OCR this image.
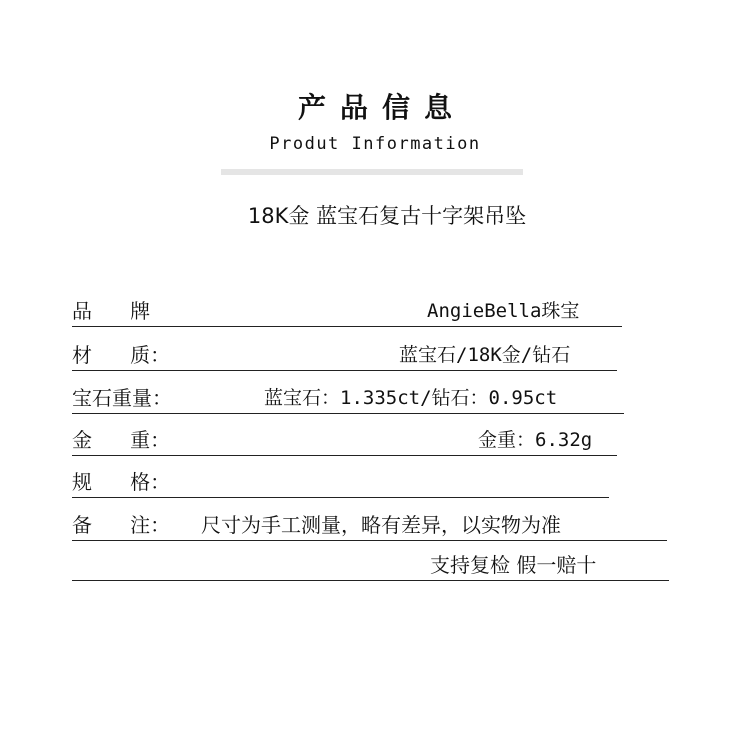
产品信息
Produt Information
18K金 蓝宝石复古十字架吊坠
品      牌	AngieBella珠宝
材      质：	蓝宝石/18K金/钻石
宝石重量：	蓝宝石：1.335ct/钻石：0.95ct
金      重：	金重：6.32g
规      格：
备      注： 尺寸为手工测量，略有差异，以实物为准
支持复检 假一赔十
